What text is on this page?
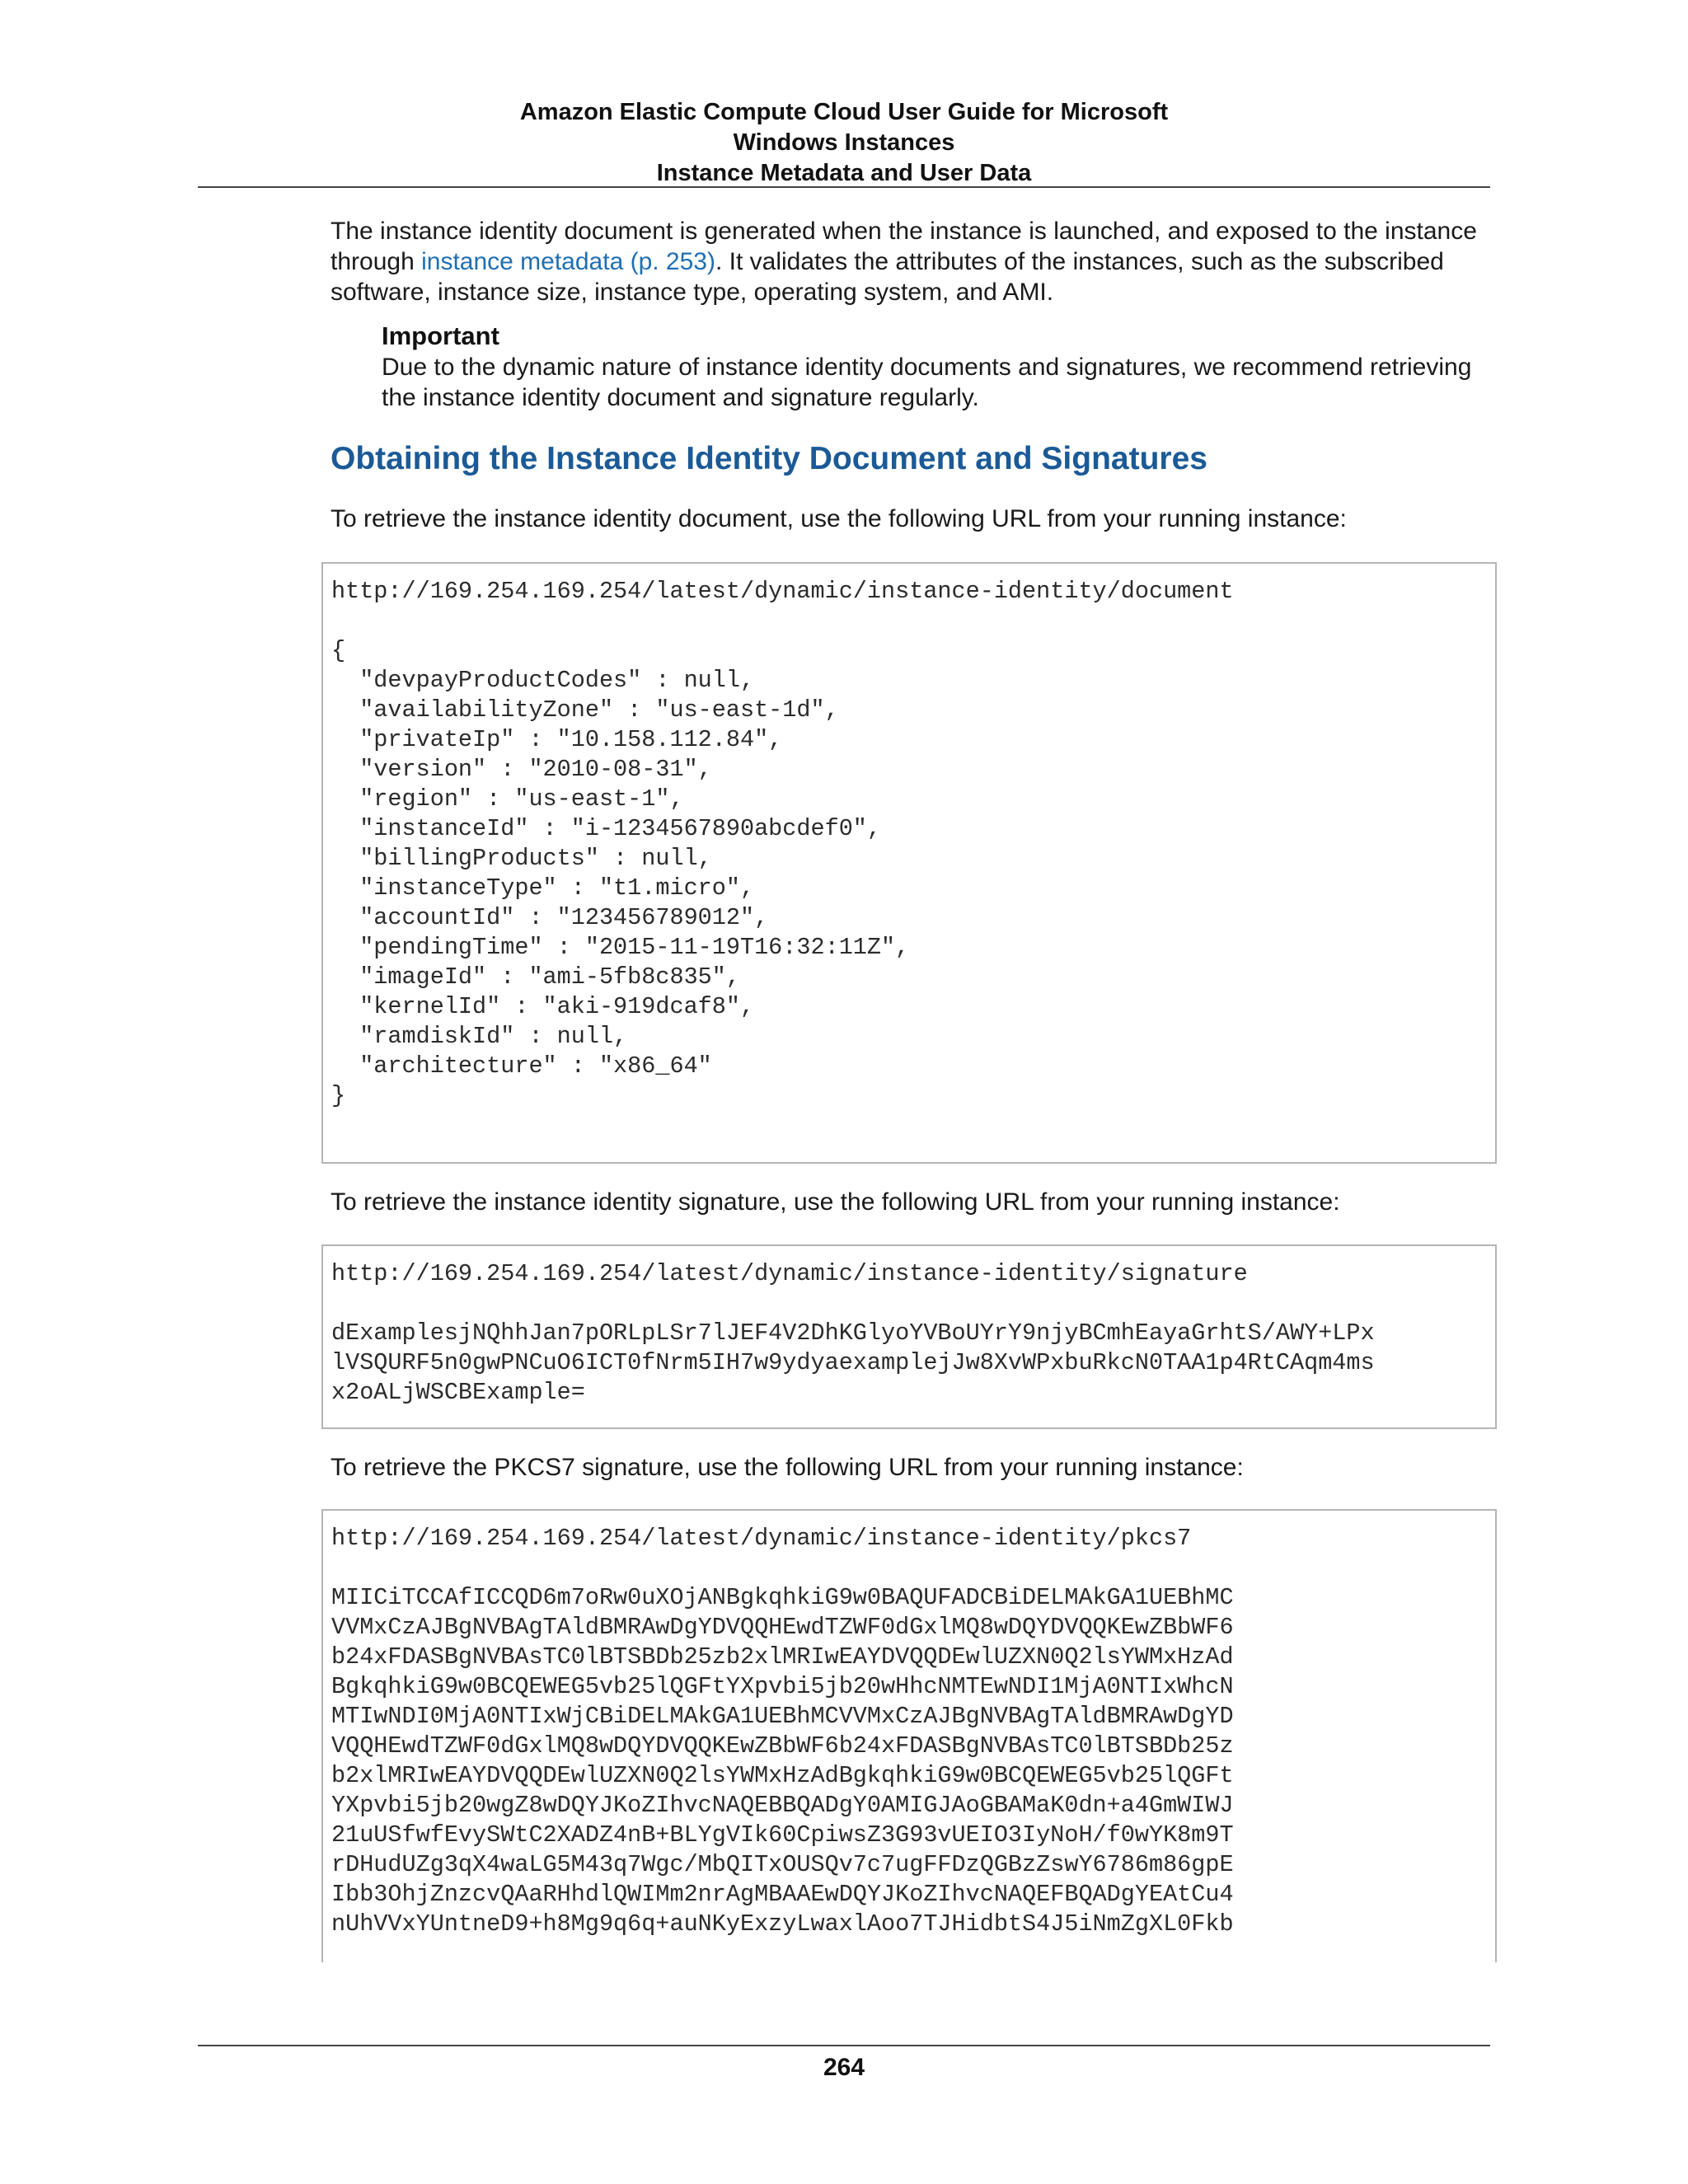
Amazon Elastic Compute Cloud User Guide for Microsoft
Windows Instances
Instance Metadata and User Data

The instance identity document is generated when the instance is launched, and exposed to the instance through instance metadata (p. 253). It validates the attributes of the instances, such as the subscribed software, instance size, instance type, operating system, and AMI.

Important
Due to the dynamic nature of instance identity documents and signatures, we recommend retrieving the instance identity document and signature regularly.
Obtaining the Instance Identity Document and Signatures

To retrieve the instance identity document, use the following URL from your running instance:

http://169.254.169.254/latest/dynamic/instance-identity/document

{
"devpayProductCodes" : null,
"availabilityZone" : "us-east-1d",
"privateIp" : "10.158.112.84",
"version" : "2010-08-31",
"region" : "us-east-1",
"instanceId" : "i-1234567890abcdef0",
"billingProducts" : null,
"instanceType" : "t1.micro",
"accountId" : "123456789012",
"pendingTime" : "2015-11-19T16:32:11Z",
"imageId" : "ami-5fb8c835",
"kernelId" : "aki-919dcaf8",
"ramdiskId" : null,
"architecture" : "x86_64"
}

To retrieve the instance identity signature, use the following URL from your running instance:

http://169.254.169.254/latest/dynamic/instance-identity/signature

dExamplesjNQhhJan7pORLpLSr7lJEF4V2DhKGlyoYVBoUYrY9njyBCmhEayaGrhtS/AWY+LPx
lVSQURF5n0gwPNCuO6ICT0fNrm5IH7w9ydyaexamplejJw8XvWPxbuRkcN0TAA1p4RtCAqm4ms
x2oALjWSCBExample=

To retrieve the PKCS7 signature, use the following URL from your running instance:

http://169.254.169.254/latest/dynamic/instance-identity/pkcs7

MIICiTCCAfICCQD6m7oRw0uXOjANBgkqhkiG9w0BAQUFADCBiDELMAkGA1UEBhMC
VVMxCzAJBgNVBAgTAldBMRAwDgYDVQQHEwdTZWF0dGxlMQ8wDQYDVQQKEwZBbWF6
b24xFDASBgNVBAsTC0lBTSBDb25zb2xlMRIwEAYDVQQDEwlUZXN0Q2lsYWMxHzAd
BgkqhkiG9w0BCQEWEG5vb25lQGFtYXpvbi5jb20wHhcNMTEwNDI1MjA0NTIxWhcN
MTIwNDI0MjA0NTIxWjCBiDELMAkGA1UEBhMCVVMxCzAJBgNVBAgTAldBMRAwDgYD
VQQHEwdTZWF0dGxlMQ8wDQYDVQQKEwZBbWF6b24xFDASBgNVBAsTC0lBTSBDb25z
b2xlMRIwEAYDVQQDEwlUZXN0Q2lsYWMxHzAdBgkqhkiG9w0BCQEWEG5vb25lQGFt
YXpvbi5jb20wgZ8wDQYJKoZIhvcNAQEBBQADgY0AMIGJAoGBAMaK0dn+a4GmWIWJ
21uUSfwfEvySWtC2XADZ4nB+BLYgVIk60CpiwsZ3G93vUEIO3IyNoH/f0wYK8m9T
rDHudUZg3qX4waLG5M43q7Wgc/MbQITxOUSQv7c7ugFFDzQGBzZswY6786m86gpE
Ibb3OhjZnzcvQAaRHhdlQWIMm2nrAgMBAAEwDQYJKoZIhvcNAQEFBQADgYEAtCu4
nUhVVxYUntneD9+h8Mg9q6q+auNKyExzyLwaxlAoo7TJHidbtS4J5iNmZgXL0Fkb
264
